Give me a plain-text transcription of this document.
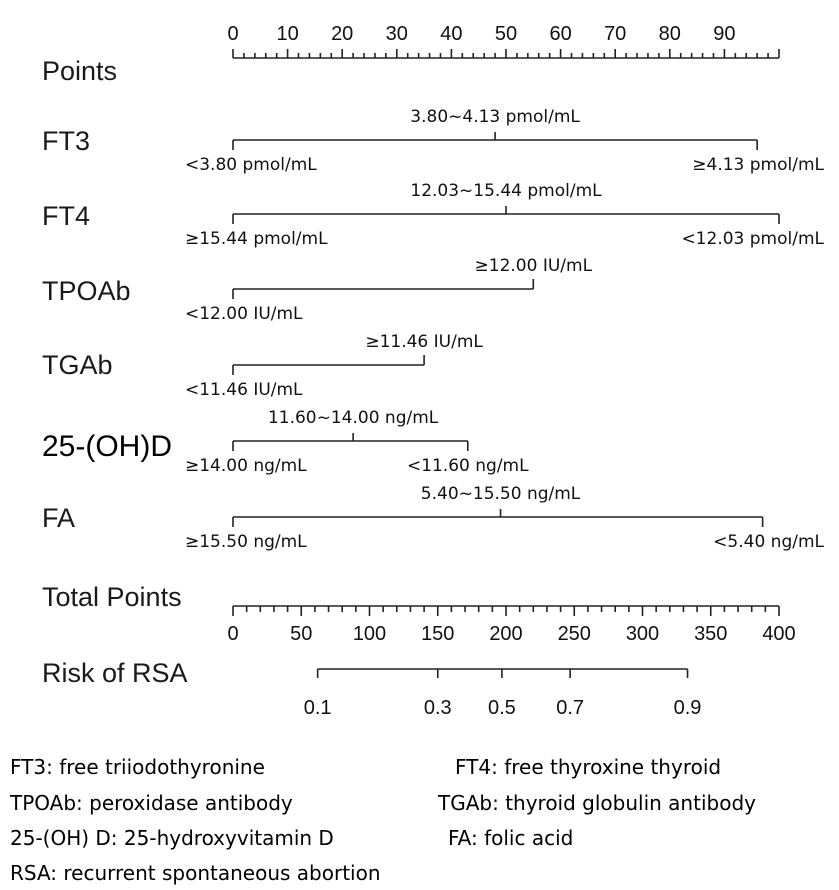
Points
0 10 20 30 40 50 60 70 80 90
FT3
<3.80 pmol/mL
3.80~4.13 pmol/mL
≥4.13 pmol/mL
FT4
≥15.44 pmol/mL
12.03~15.44 pmol/mL
<12.03 pmol/mL
TPOAb
<12.00 IU/mL
≥12.00 IU/mL
TGAb
<11.46 IU/mL
≥11.46 IU/mL
25-(OH)D
≥14.00 ng/mL
11.60~14.00 ng/mL
<11.60 ng/mL
FA
≥15.50 ng/mL
5.40~15.50 ng/mL
<5.40 ng/mL
Total Points
0	50 100 150 200 250 300 350 400
Risk of RSA
0.1	0.3 0.5 0.7	0.9
FT3: free triiodothyronine	FT4: free thyroxine thyroid
TPOAb: peroxidase antibody	TGAb: thyroid globulin antibody
25-(OH) D: 25-hydroxyvitamin D	FA: folic acid
RSA: recurrent spontaneous abortion
